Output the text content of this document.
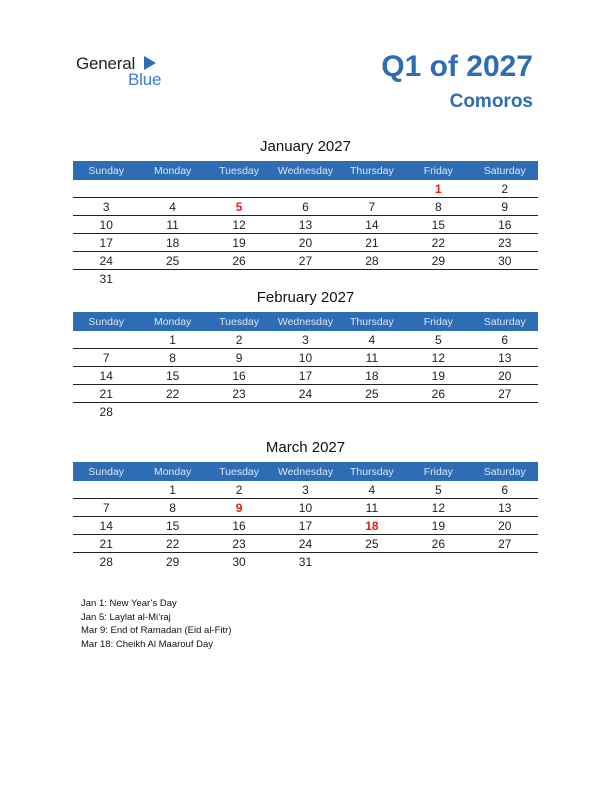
General
Blue	Q1 of 2027
Comoros
January 2027
Sunday	Monday	Tuesday	Wednesday	Thursday	Friday	Saturday
					1	2
3	4	5	6	7	8	9
10	11	12	13	14	15	16
17	18	19	20	21	22	23
24	25	26	27	28	29	30
31						
February 2027
Sunday	Monday	Tuesday	Wednesday	Thursday	Friday	Saturday
	1	2	3	4	5	6
7	8	9	10	11	12	13
14	15	16	17	18	19	20
21	22	23	24	25	26	27
28						
March 2027
Sunday	Monday	Tuesday	Wednesday	Thursday	Friday	Saturday
	1	2	3	4	5	6
7	8	9	10	11	12	13
14	15	16	17	18	19	20
21	22	23	24	25	26	27
28	29	30	31			
Jan 1: New Year’s Day
Jan 5: Laylat al-Mi’raj
Mar 9: End of Ramadan (Eid al-Fitr)
Mar 18: Cheikh Al Maarouf Day
